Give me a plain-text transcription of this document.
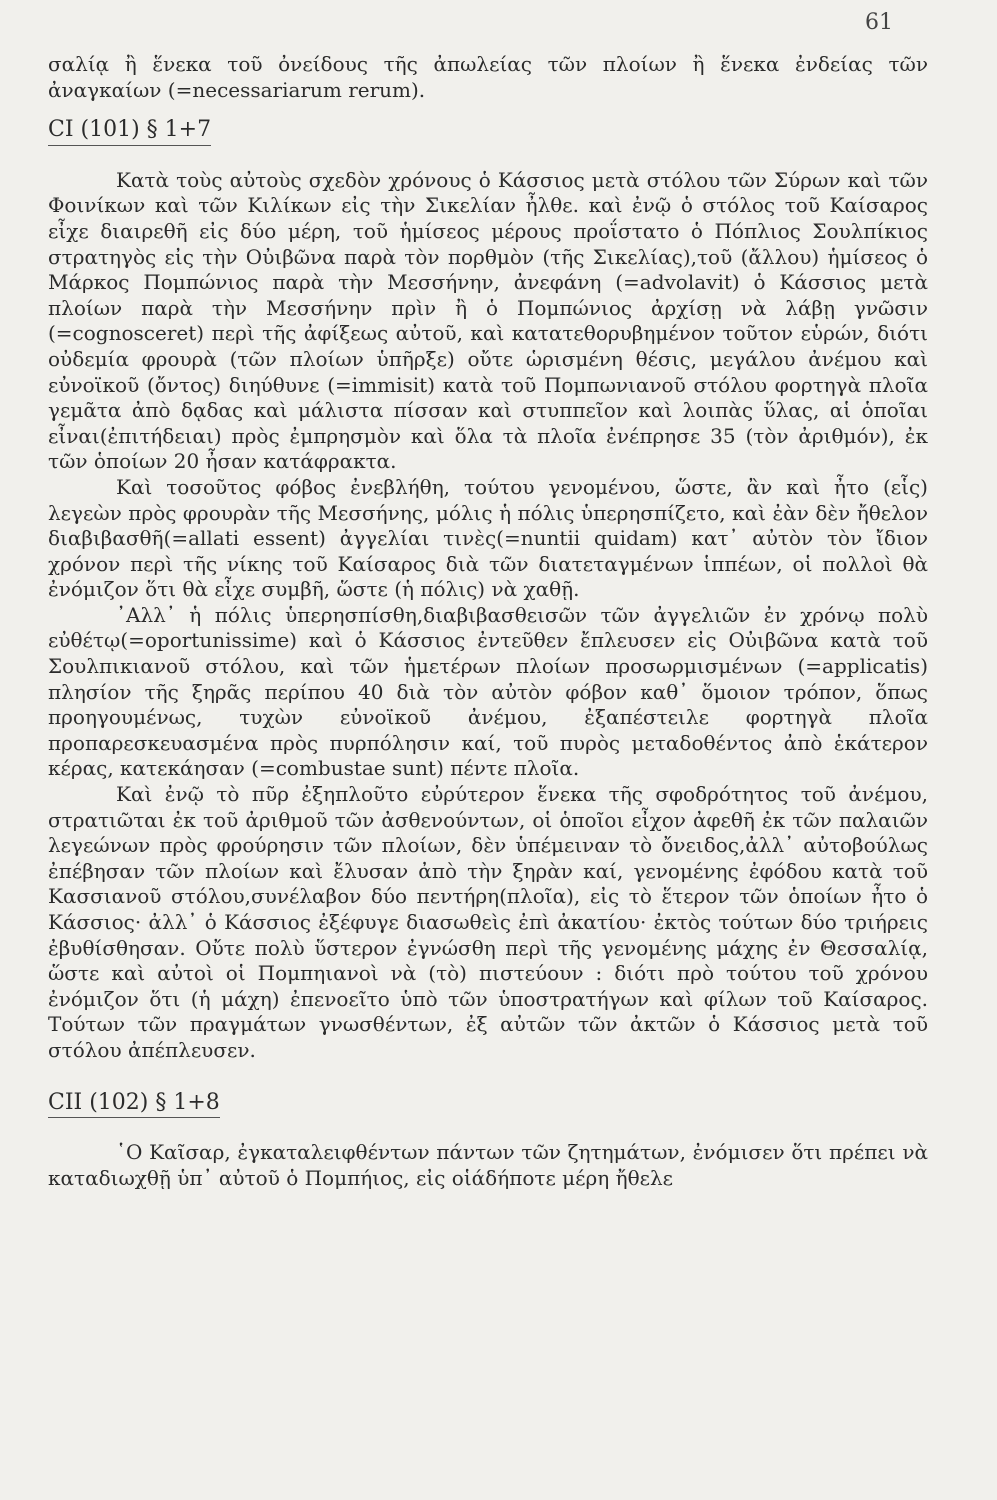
61

σαλίᾳ ἢ ἕνεκα τοῦ ὀνείδους τῆς ἀπωλείας τῶν πλοίων ἢ ἕνεκα ἐνδείας τῶν ἀναγκαίων (=necessariarum rerum).

CI (101) § 1+7

Κατὰ τοὺς αὐτοὺς σχεδὸν χρόνους ὁ Κάσσιος μετὰ στόλου τῶν Σύρων καὶ τῶν Φοινίκων καὶ τῶν Κιλίκων εἰς τὴν Σικελίαν ἦλθε. καὶ ἐνῷ ὁ στόλος τοῦ Καίσαρος εἶχε διαιρεθῆ εἰς δύο μέρη, τοῦ ἡμίσεος μέρους προΐστατο ὁ Πόπλιος Σουλπίκιος στρατηγὸς εἰς τὴν Οὐιβῶνα παρὰ τὸν πορθμὸν (τῆς Σικελίας),τοῦ (ἄλλου) ἡμίσεος ὁ Μάρκος Πομπώνιος παρὰ τὴν Μεσσήνην, ἀνεφάνη (=advolavit) ὁ Κάσσιος μετὰ πλοίων παρὰ τὴν Μεσσήνην πρὶν ἢ ὁ Πομπώνιος ἀρχίσῃ νὰ λάβῃ γνῶσιν (=cognosceret) περὶ τῆς ἀφίξεως αὐτοῦ, καὶ κατατεθορυβημένον τοῦτον εὑρών, διότι οὐδεμία φρουρὰ (τῶν πλοίων ὑπῆρξε) οὔτε ὡρισμένη θέσις, μεγάλου ἀνέμου καὶ εὐνοϊκοῦ (ὄντος) διηύθυνε (=immisit) κατὰ τοῦ Πομπωνιανοῦ στόλου φορτηγὰ πλοῖα γεμᾶτα ἀπὸ δᾳδας καὶ μάλιστα πίσσαν καὶ στυππεῖον καὶ λοιπὰς ὕλας, αἱ ὁποῖαι εἶναι(ἐπιτήδειαι) πρὸς ἐμπρησμὸν καὶ ὅλα τὰ πλοῖα ἐνέπρησε 35 (τὸν ἀριθμόν), ἐκ τῶν ὁποίων 20 ἦσαν κατάφρακτα.

Καὶ τοσοῦτος φόβος ἐνεβλήθη, τούτου γενομένου, ὥστε, ἂν καὶ ἦτο (εἷς) λεγεὼν πρὸς φρουρὰν τῆς Μεσσήνης, μόλις ἡ πόλις ὑπερησπίζετο, καὶ ἐὰν δὲν ἤθελον διαβιβασθῆ(=allati essent) ἀγγελίαι τινὲς(=nuntii quidam) κατ᾽ αὐτὸν τὸν ἴδιον χρόνον περὶ τῆς νίκης τοῦ Καίσαρος διὰ τῶν διατεταγμένων ἱππέων, οἱ πολλοὶ θὰ ἐνόμιζον ὅτι θὰ εἶχε συμβῆ, ὥστε (ἡ πόλις) νὰ χαθῇ.

᾿Αλλ᾽ ἡ πόλις ὑπερησπίσθη,διαβιβασθεισῶν τῶν ἀγγελιῶν ἐν χρόνῳ πολὺ εὐθέτῳ(=oportunissime) καὶ ὁ Κάσσιος ἐντεῦθεν ἔπλευσεν εἰς Οὐιβῶνα κατὰ τοῦ Σουλπικιανοῦ στόλου, καὶ τῶν ἡμετέρων πλοίων προσωρμισμένων (=applicatis) πλησίον τῆς ξηρᾶς περίπου 40 διὰ τὸν αὐτὸν φόβον καθ᾽ ὅμοιον τρόπον, ὅπως προηγουμένως, τυχὼν εὐνοϊκοῦ ἀνέμου, ἐξαπέστειλε φορτηγὰ πλοῖα προπαρεσκευασμένα πρὸς πυρπόλησιν καί, τοῦ πυρὸς μεταδοθέντος ἀπὸ ἑκάτερον κέρας, κατεκάησαν (=combustae sunt) πέντε πλοῖα.

Καὶ ἐνῷ τὸ πῦρ ἐξηπλοῦτο εὐρύτερον ἕνεκα τῆς σφοδρότητος τοῦ ἀνέμου, στρατιῶται ἐκ τοῦ ἀριθμοῦ τῶν ἀσθενούντων, οἱ ὁποῖοι εἶχον ἀφεθῆ ἐκ τῶν παλαιῶν λεγεώνων πρὸς φρούρησιν τῶν πλοίων, δὲν ὑπέμειναν τὸ ὄνειδος,ἀλλ᾽ αὐτοβούλως ἐπέβησαν τῶν πλοίων καὶ ἔλυσαν ἀπὸ τὴν ξηρὰν καί, γενομένης ἐφόδου κατὰ τοῦ Κασσιανοῦ στόλου,συνέλαβον δύο πεντήρη(πλοῖα), εἰς τὸ ἕτερον τῶν ὁποίων ἦτο ὁ Κάσσιος· ἀλλ᾽ ὁ Κάσσιος ἐξέφυγε διασωθεὶς ἐπὶ ἀκατίου· ἐκτὸς τούτων δύο τριήρεις ἐβυθίσθησαν. Οὔτε πολὺ ὕστερον ἐγνώσθη περὶ τῆς γενομένης μάχης ἐν Θεσσαλίᾳ, ὥστε καὶ αὐτοὶ οἱ Πομπηιανοὶ νὰ (τὸ) πιστεύουν : διότι πρὸ τούτου τοῦ χρόνου ἐνόμιζον ὅτι (ἡ μάχη) ἐπενοεῖτο ὑπὸ τῶν ὑποστρατήγων καὶ φίλων τοῦ Καίσαρος. Τούτων τῶν πραγμάτων γνωσθέντων, ἐξ αὐτῶν τῶν ἀκτῶν ὁ Κάσσιος μετὰ τοῦ στόλου ἀπέπλευσεν.

CII (102) § 1+8

῾Ο Καῖσαρ, ἐγκαταλειφθέντων πάντων τῶν ζητημάτων, ἐνόμισεν ὅτι πρέπει νὰ καταδιωχθῇ ὑπ᾽ αὐτοῦ ὁ Πομπήιος, εἰς οἱάδήποτε μέρη ἤθελε
